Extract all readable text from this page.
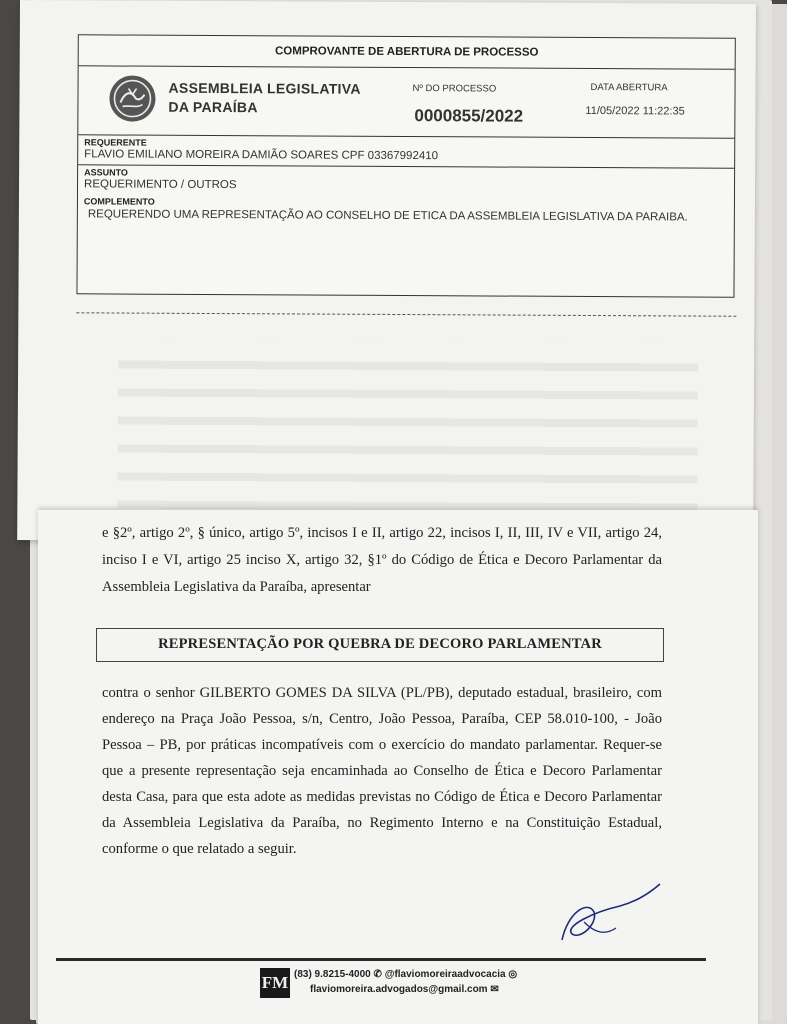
COMPROVANTE DE ABERTURA DE PROCESSO
ASSEMBLEIA LEGISLATIVA
DA PARAÍBA
Nº DO PROCESSO
0000855/2022
DATA ABERTURA
11/05/2022 11:22:35
REQUERENTE
FLAVIO EMILIANO MOREIRA DAMIÃO SOARES CPF 03367992410
ASSUNTO
REQUERIMENTO / OUTROS
COMPLEMENTO
REQUERENDO UMA REPRESENTAÇÃO AO CONSELHO DE ETICA DA ASSEMBLEIA LEGISLATIVA DA PARAIBA.
e §2º, artigo 2º, § único, artigo 5º, incisos I e II, artigo 22, incisos I, II, III, IV e VII, artigo 24, inciso I e VI, artigo 25 inciso X, artigo 32, §1º do Código de Ética e Decoro Parlamentar da Assembleia Legislativa da Paraíba, apresentar
REPRESENTAÇÃO POR QUEBRA DE DECORO PARLAMENTAR
contra o senhor GILBERTO GOMES DA SILVA (PL/PB), deputado estadual, brasileiro, com endereço na Praça João Pessoa, s/n, Centro, João Pessoa, Paraíba, CEP 58.010-100, - João Pessoa – PB, por práticas incompatíveis com o exercício do mandato parlamentar. Requer-se que a presente representação seja encaminhada ao Conselho de Ética e Decoro Parlamentar desta Casa, para que esta adote as medidas previstas no Código de Ética e Decoro Parlamentar da Assembleia Legislativa da Paraíba, no Regimento Interno e na Constituição Estadual, conforme o que relatado a seguir.
FM (83) 9.8215-4000 ✆ @flaviomoreiraadvocacia ◎
flaviomoreira.advogados@gmail.com ✉
